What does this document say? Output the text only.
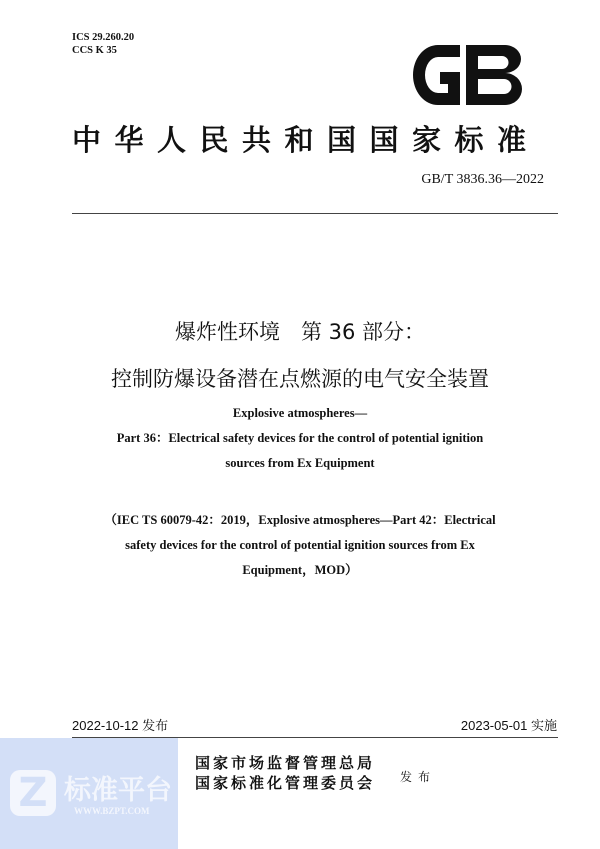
ICS 29.260.20
CCS K 35
中华人民共和国国家标准
GB/T 3836.36—2022
爆炸性环境　第 36 部分：
控制防爆设备潜在点燃源的电气安全装置
Explosive atmospheres—
Part 36：Electrical safety devices for the control of potential ignition
sources from Ex Equipment
（IEC TS 60079-42：2019，Explosive atmospheres—Part 42：Electrical
safety devices for the control of potential ignition sources from Ex
Equipment，MOD）
2022-10-12 发布	2023-05-01 实施
Z 标准平台
WWW.BZPT.COM
国家市场监督管理总局
国家标准化管理委员会 发布
